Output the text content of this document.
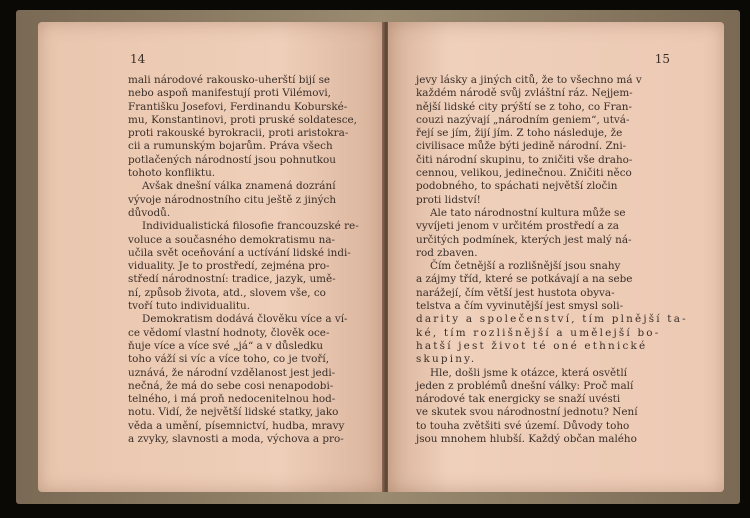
14
mali národové rakousko-uherští bijí se
nebo aspoň manifestují proti Vilémovi,
Františku Josefovi, Ferdinandu Koburské-
mu, Konstantinovi, proti pruské soldatesce,
proti rakouské byrokracii, proti aristokra-
cii a rumunským bojarům. Práva všech
potlačených národností jsou pohnutkou
tohoto konfliktu.
Avšak dnešní válka znamená dozrání
vývoje národnostního citu ještě z jiných
důvodů.
Individualistická filosofie francouzské re-
voluce a současného demokratismu na-
učila svět oceňování a uctívání lidské indi-
viduality. Je to prostředí, zejména pro-
středí národnostní: tradice, jazyk, umě-
ní, způsob života, atd., slovem vše, co
tvoří tuto individualitu.
Demokratism dodává člověku více a ví-
ce vědomí vlastní hodnoty, člověk oce-
ňuje více a více své „já“ a v důsledku
toho váží si víc a více toho, co je tvoří,
uznává, že národní vzdělanost jest jedi-
nečná, že má do sebe cosi nenapodobi-
telného, i má proň nedocenitelnou hod-
notu. Vidí, že největší lidské statky, jako
věda a umění, písemnictví, hudba, mravy
a zvyky, slavnosti a moda, výchova a pro-
15
jevy lásky a jiných citů, že to všechno má v
každém národě svůj zvláštní ráz. Nejjem-
nější lidské city prýští se z toho, co Fran-
couzi nazývají „národním geniem“, utvá-
řejí se jím, žijí jím. Z toho následuje, že
civilisace může býti jedině národní. Zni-
čiti národní skupinu, to zničiti vše draho-
cennou, velikou, jedinečnou. Zničiti něco
podobného, to spáchati největší zločin
proti lidství!
Ale tato národnostní kultura může se
vyvíjeti jenom v určitém prostředí a za
určitých podmínek, kterých jest malý ná-
rod zbaven.
Čím četnější a rozlišnější jsou snahy
a zájmy tříd, které se potkávají a na sebe
narážejí, čím větší jest hustota obyva-
telstva a čím vyvinutější jest smysl soli-
darity a společenství, tím plnější ta-
ké, tím rozlišnější a umělejší bo-
hatší jest život té oné ethnické
skupiny.
Hle, došli jsme k otázce, která osvětlí
jeden z problémů dnešní války: Proč malí
národové tak energicky se snaží uvésti
ve skutek svou národnostní jednotu? Není
to touha zvětšiti své území. Důvody toho
jsou mnohem hlubší. Každý občan malého
